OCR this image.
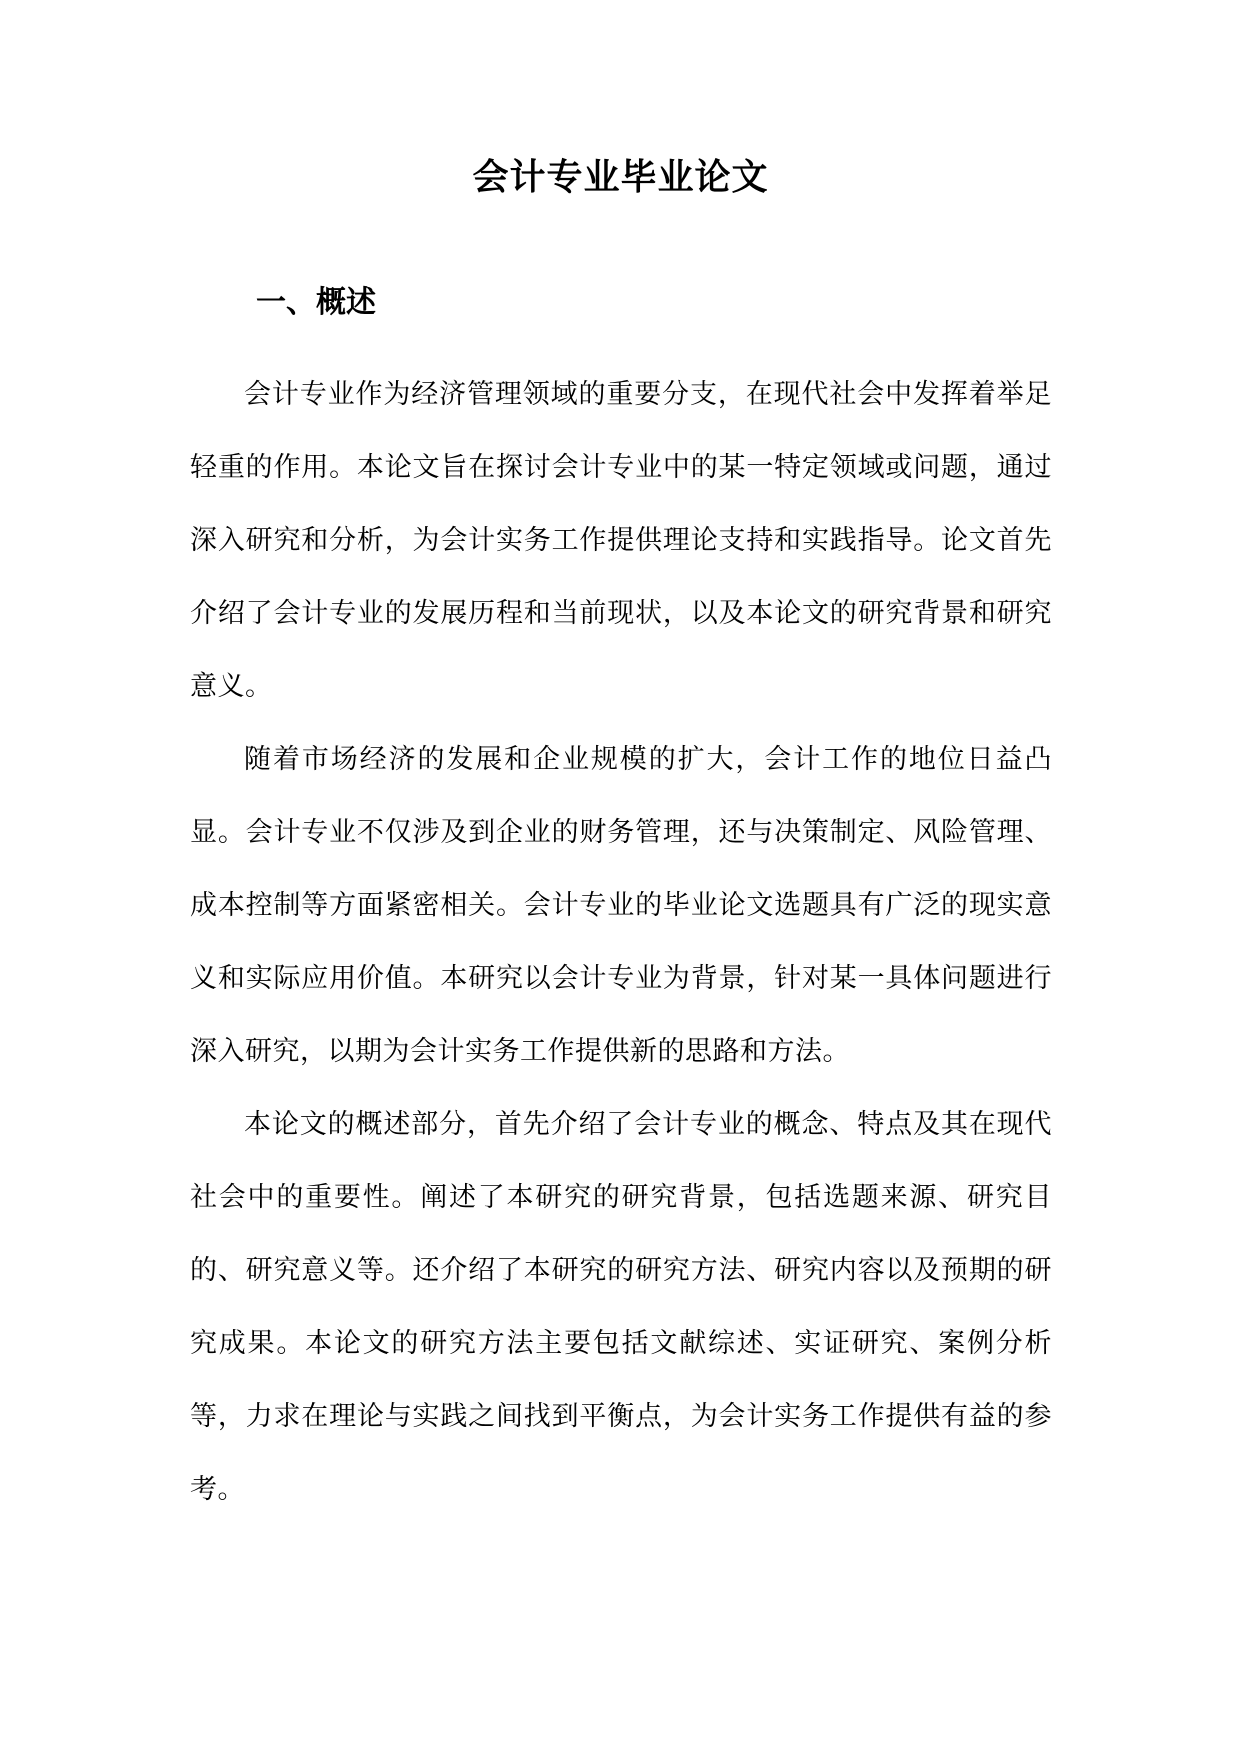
会计专业毕业论文
一、概述

会计专业作为经济管理领域的重要分支，在现代社会中发挥着举足轻重的作用。本论文旨在探讨会计专业中的某一特定领域或问题，通过深入研究和分析，为会计实务工作提供理论支持和实践指导。论文首先介绍了会计专业的发展历程和当前现状，以及本论文的研究背景和研究意义。

随着市场经济的发展和企业规模的扩大，会计工作的地位日益凸显。会计专业不仅涉及到企业的财务管理，还与决策制定、风险管理、成本控制等方面紧密相关。会计专业的毕业论文选题具有广泛的现实意义和实际应用价值。本研究以会计专业为背景，针对某一具体问题进行深入研究，以期为会计实务工作提供新的思路和方法。

本论文的概述部分，首先介绍了会计专业的概念、特点及其在现代社会中的重要性。阐述了本研究的研究背景，包括选题来源、研究目的、研究意义等。还介绍了本研究的研究方法、研究内容以及预期的研究成果。本论文的研究方法主要包括文献综述、实证研究、案例分析等，力求在理论与实践之间找到平衡点，为会计实务工作提供有益的参考。
